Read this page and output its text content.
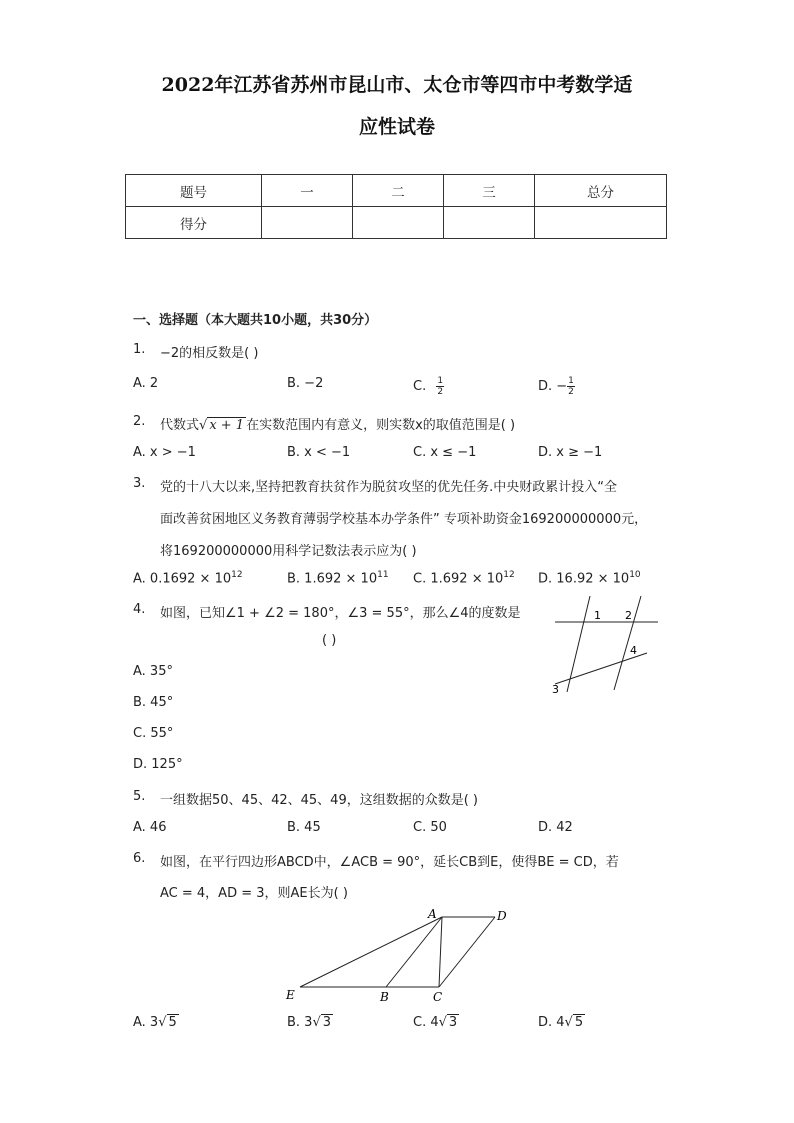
2022年江苏省苏州市昆山市、太仓市等四市中考数学适
应性试卷
题号	一	二	三	总分
得分				
一、选择题（本大题共10小题，共30分）
1. −2的相反数是( )
A. 2	B. −2	C. $\frac{1}{2}$	D. − $\frac{1}{2}$
2. 代数式√ x + 1 在实数范围内有意义，则实数x的取值范围是( )
A. x > −1	B. x < −1	C. x ≤ −1	D. x ≥ −1
3. 党的十八大以来,坚持把教育扶贫作为脱贫攻坚的优先任务.中央财政累计投入“全
面改善贫困地区义务教育薄弱学校基本办学条件” 专项补助资金169200000000元，
将169200000000用科学记数法表示应为( )
A. $0.1692 \times 10^{12}$	B. $1.692 \times 10^{11}$ C. $1.692 \times 10^{12}$ D. $16.92 \times 10^{10}$
4. 如图，已知∠1 + ∠2 = 180°，∠3 = 55°，那么∠4的度数是
( )
A. 35°
B. 45°
C. 55°
D. 125°
1 2
3
4
5. 一组数据50、45、42、45、49，这组数据的众数是( )
A. 46	B. 45	C. 50	D. 42
6. 如图，在平行四边形ABCD中，∠ACB = 90°，延长CB到E，使得BE = CD，若
AC = 4，AD = 3，则AE长为( )
A	D
E	B	C
A. 3√ 5	B. 3√ 3	C. 4√ 3	D. 4√ 5
